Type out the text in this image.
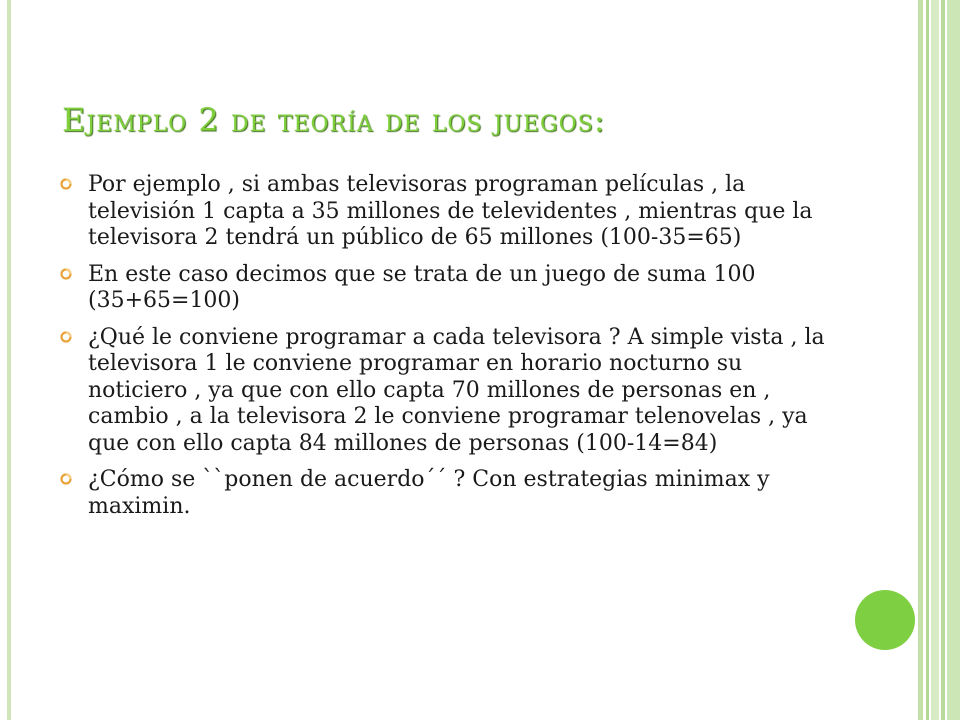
Ejemplo 2 de teoría de los juegos:
Por ejemplo , si ambas televisoras programan películas , la televisión 1 capta a 35 millones de televidentes , mientras que la televisora 2 tendrá un público de 65 millones (100-35=65)
En este caso decimos que se trata de un juego de suma 100 (35+65=100)
¿Qué le conviene programar a cada televisora ? A simple vista , la televisora 1 le conviene programar en horario nocturno su noticiero , ya que con ello capta 70 millones de personas en , cambio , a la televisora 2 le conviene programar telenovelas , ya que con ello capta 84 millones de personas (100-14=84)
¿Cómo se ``ponen de acuerdo´´ ? Con estrategias minimax y maximin.
